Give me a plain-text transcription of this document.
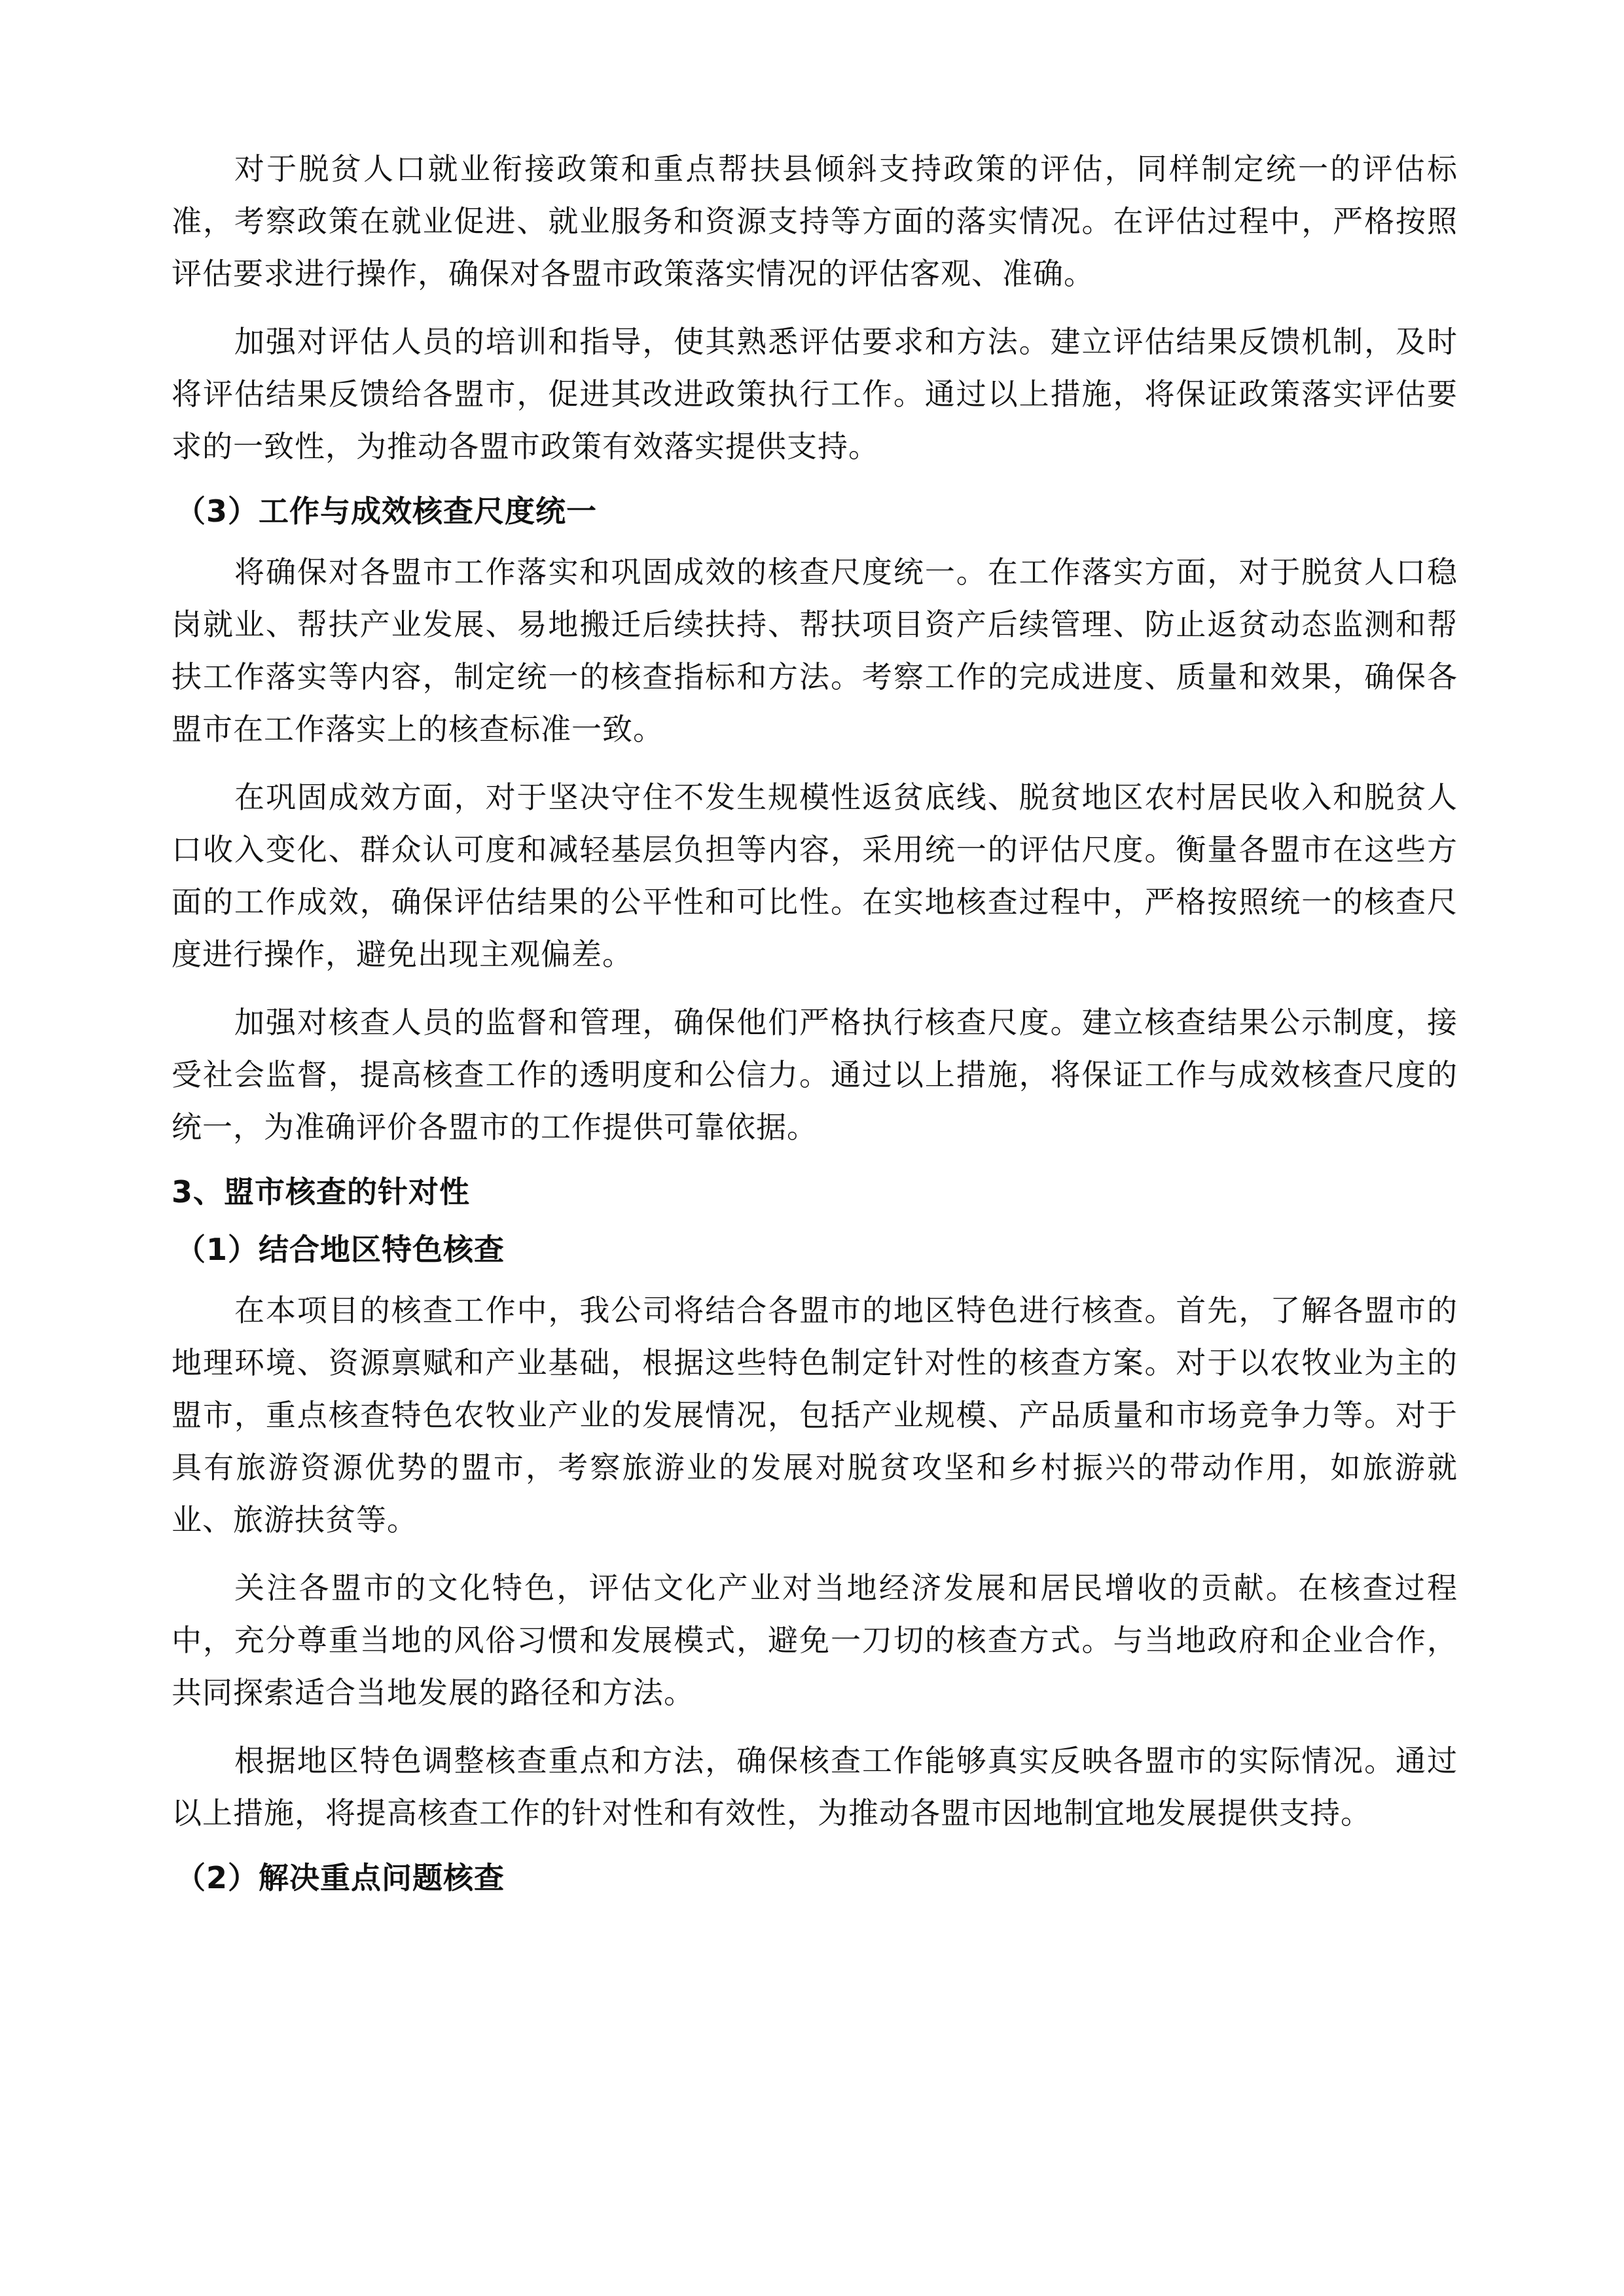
对于脱贫人口就业衔接政策和重点帮扶县倾斜支持政策的评估，同样制定统一的评估标准，考察政策在就业促进、就业服务和资源支持等方面的落实情况。在评估过程中，严格按照评估要求进行操作，确保对各盟市政策落实情况的评估客观、准确。

加强对评估人员的培训和指导，使其熟悉评估要求和方法。建立评估结果反馈机制，及时将评估结果反馈给各盟市，促进其改进政策执行工作。通过以上措施，将保证政策落实评估要求的一致性，为推动各盟市政策有效落实提供支持。

（3）工作与成效核查尺度统一

将确保对各盟市工作落实和巩固成效的核查尺度统一。在工作落实方面，对于脱贫人口稳岗就业、帮扶产业发展、易地搬迁后续扶持、帮扶项目资产后续管理、防止返贫动态监测和帮扶工作落实等内容，制定统一的核查指标和方法。考察工作的完成进度、质量和效果，确保各盟市在工作落实上的核查标准一致。

在巩固成效方面，对于坚决守住不发生规模性返贫底线、脱贫地区农村居民收入和脱贫人口收入变化、群众认可度和减轻基层负担等内容，采用统一的评估尺度。衡量各盟市在这些方面的工作成效，确保评估结果的公平性和可比性。在实地核查过程中，严格按照统一的核查尺度进行操作，避免出现主观偏差。

加强对核查人员的监督和管理，确保他们严格执行核查尺度。建立核查结果公示制度，接受社会监督，提高核查工作的透明度和公信力。通过以上措施，将保证工作与成效核查尺度的统一，为准确评价各盟市的工作提供可靠依据。

3、盟市核查的针对性
（1）结合地区特色核查

在本项目的核查工作中，我公司将结合各盟市的地区特色进行核查。首先，了解各盟市的地理环境、资源禀赋和产业基础，根据这些特色制定针对性的核查方案。对于以农牧业为主的盟市，重点核查特色农牧业产业的发展情况，包括产业规模、产品质量和市场竞争力等。对于具有旅游资源优势的盟市，考察旅游业的发展对脱贫攻坚和乡村振兴的带动作用，如旅游就业、旅游扶贫等。

关注各盟市的文化特色，评估文化产业对当地经济发展和居民增收的贡献。在核查过程中，充分尊重当地的风俗习惯和发展模式，避免一刀切的核查方式。与当地政府和企业合作，共同探索适合当地发展的路径和方法。

根据地区特色调整核查重点和方法，确保核查工作能够真实反映各盟市的实际情况。通过以上措施，将提高核查工作的针对性和有效性，为推动各盟市因地制宜地发展提供支持。

（2）解决重点问题核查
